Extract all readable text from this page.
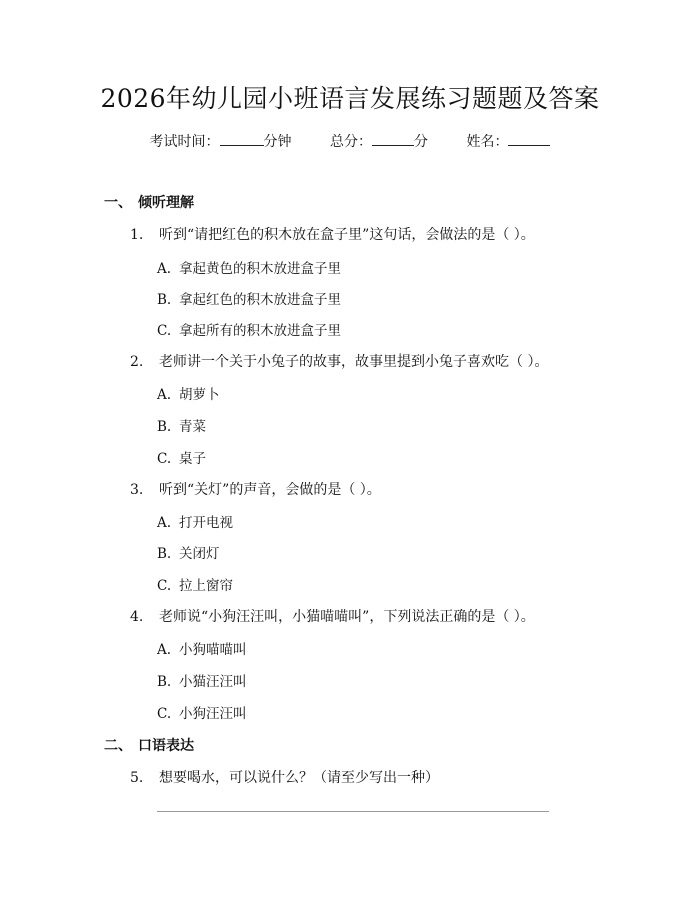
2026年幼儿园小班语言发展练习题题及答案
考试时间：	分钟	总分：	分	姓名：
一、 倾听理解
1. 听到“请把红色的积木放在盒子里”这句话，会做法的是（ ）。
A. 拿起黄色的积木放进盒子里
B. 拿起红色的积木放进盒子里
C. 拿起所有的积木放进盒子里
2. 老师讲一个关于小兔子的故事，故事里提到小兔子喜欢吃（ ）。
A. 胡萝卜
B. 青菜
C. 桌子
3. 听到“关灯”的声音，会做的是（ ）。
A. 打开电视
B. 关闭灯
C. 拉上窗帘
4. 老师说“小狗汪汪叫，小猫喵喵叫”，下列说法正确的是（ ）。
A. 小狗喵喵叫
B. 小猫汪汪叫
C. 小狗汪汪叫
二、 口语表达
5. 想要喝水，可以说什么？（请至少写出一种）
